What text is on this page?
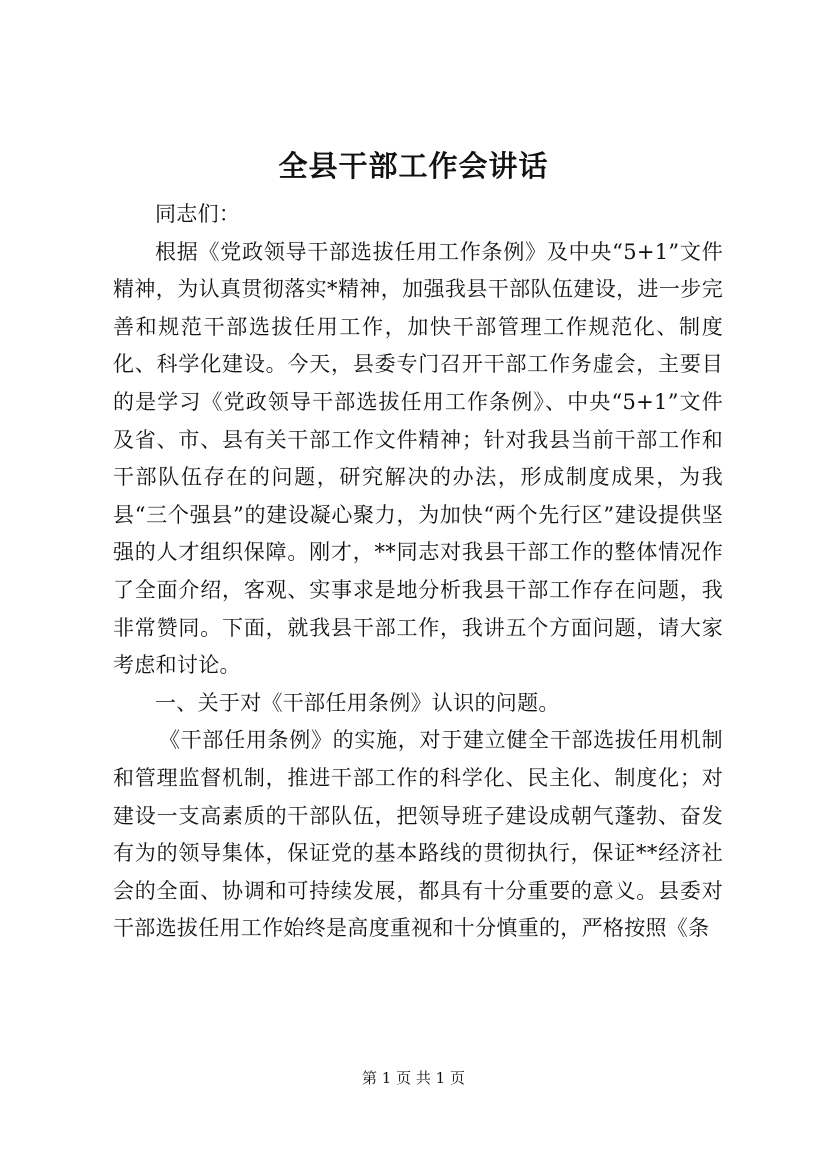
全县干部工作会讲话

同志们：

根据《党政领导干部选拔任用工作条例》及中央“5+1”文件精神，为认真贯彻落实*精神，加强我县干部队伍建设，进一步完善和规范干部选拔任用工作，加快干部管理工作规范化、制度化、科学化建设。今天，县委专门召开干部工作务虚会，主要目的是学习《党政领导干部选拔任用工作条例》、中央“5+1”文件及省、市、县有关干部工作文件精神；针对我县当前干部工作和干部队伍存在的问题，研究解决的办法，形成制度成果，为我县“三个强县”的建设凝心聚力，为加快“两个先行区”建设提供坚强的人才组织保障。刚才，**同志对我县干部工作的整体情况作了全面介绍，客观、实事求是地分析我县干部工作存在问题，我非常赞同。下面，就我县干部工作，我讲五个方面问题，请大家考虑和讨论。

一、关于对《干部任用条例》认识的问题。

《干部任用条例》的实施，对于建立健全干部选拔任用机制和管理监督机制，推进干部工作的科学化、民主化、制度化；对建设一支高素质的干部队伍，把领导班子建设成朝气蓬勃、奋发有为的领导集体，保证党的基本路线的贯彻执行，保证**经济社会的全面、协调和可持续发展，都具有十分重要的意义。县委对干部选拔任用工作始终是高度重视和十分慎重的，严格按照《条

第 1 页 共 1 页
